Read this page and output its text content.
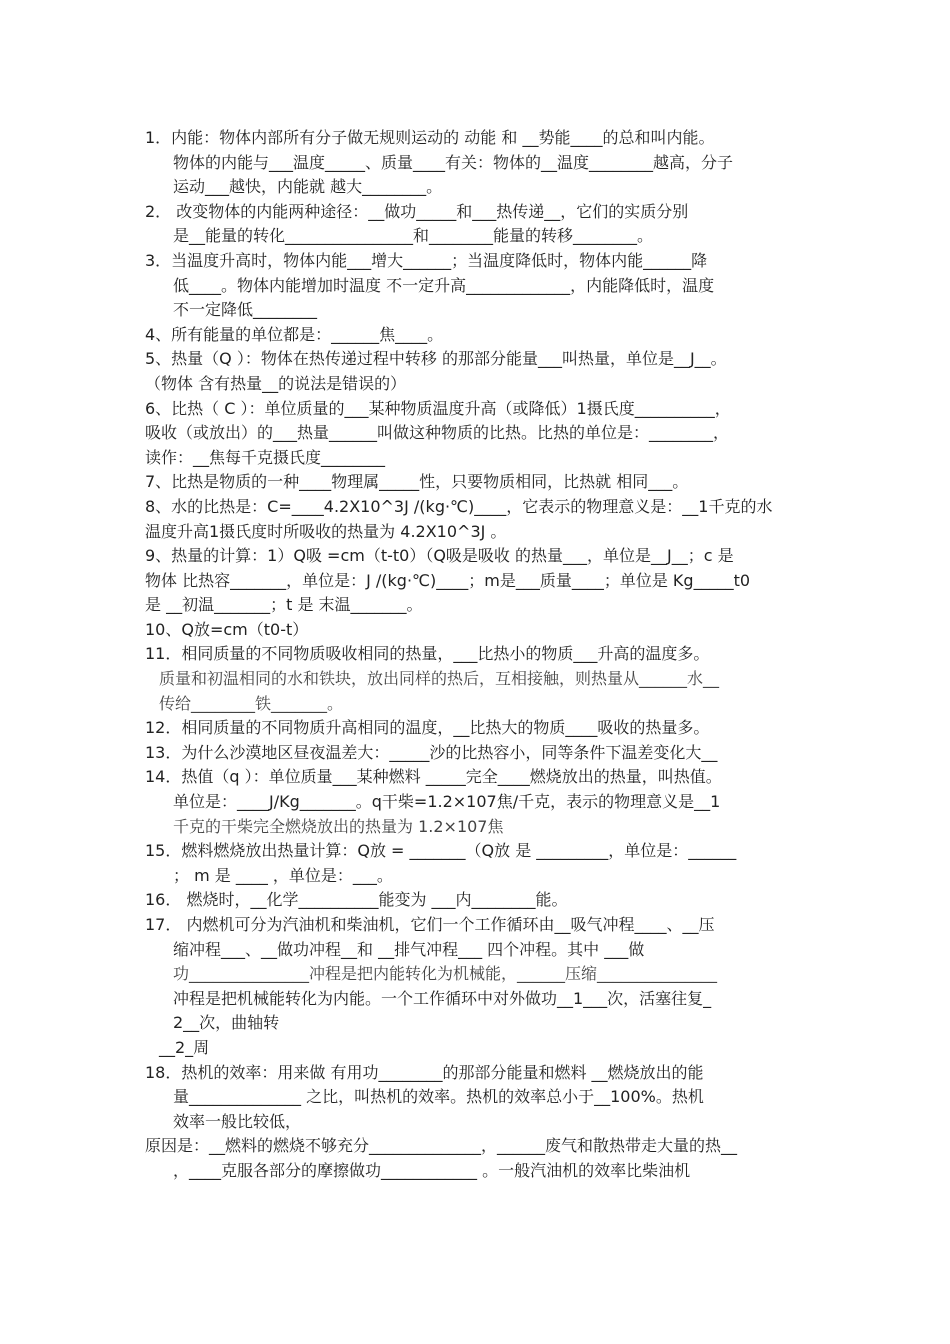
1．内能：物体内部所有分子做无规则运动的 动能 和 __势能____的总和叫内能。
物体的内能与___温度_____、质量____有关：物体的__温度________越高，分子
运动___越快，内能就 越大________。
2． 改变物体的内能两种途径：__做功_____和___热传递__，它们的实质分别
是__能量的转化________________和________能量的转移________。
3．当温度升高时，物体内能___增大______；当温度降低时，物体内能______降
低____。物体内能增加时温度 不一定升高_____________，内能降低时，温度
不一定降低________
4、所有能量的单位都是：______焦____。
5、热量（Q ）：物体在热传递过程中转移 的那部分能量___叫热量，单位是__J__。
（物体 含有热量__的说法是错误的）
6、比热（ C ）：单位质量的___某种物质温度升高（或降低）1摄氏度__________，
吸收（或放出）的___热量______叫做这种物质的比热。比热的单位是：________，
读作：__焦每千克摄氏度________
7、比热是物质的一种____物理属_____性，只要物质相同，比热就 相同___。
8、水的比热是：C=____4.2X10^3J /(kg·℃)____，它表示的物理意义是：__1千克的水
温度升高1摄氏度时所吸收的热量为 4.2X10^3J 。
9、热量的计算：1）Q吸 =cm（t-t0）（Q吸是吸收 的热量___，单位是__J__；c 是
物体 比热容_______，单位是：J /(kg·℃)____；m是___质量____；单位是 Kg_____t0
是 __初温_______；t 是 末温_______。
10、Q放=cm（t0-t）
11．相同质量的不同物质吸收相同的热量，___比热小的物质___升高的温度多。
质量和初温相同的水和铁块，放出同样的热后，互相接触，则热量从______水__
传给________铁_______。
12．相同质量的不同物质升高相同的温度，__比热大的物质____吸收的热量多。
13．为什么沙漠地区昼夜温差大：_____沙的比热容小，同等条件下温差变化大__
14．热值（q ）：单位质量___某种燃料 _____完全____燃烧放出的热量，叫热值。
单位是：____J/Kg_______。q干柴=1.2×107焦/千克，表示的物理意义是__1
千克的干柴完全燃烧放出的热量为 1.2×107焦
15．燃料燃烧放出热量计算：Q放 = _______（Q放 是 _________，单位是：______
； m 是 ____ ，单位是：___。
16． 燃烧时，__化学__________能变为 ___内________能。
17． 内燃机可分为汽油机和柴油机，它们一个工作循环由__吸气冲程____、__压
缩冲程___、__做功冲程__和 __排气冲程___ 四个冲程。其中 ___做
功_______________冲程是把内能转化为机械能，______压缩_______________
冲程是把机械能转化为内能。一个工作循环中对外做功__1___次，活塞往复_
2__次，曲轴转
__2_周
18．热机的效率：用来做 有用功________的那部分能量和燃料 __燃烧放出的能
量______________ 之比，叫热机的效率。热机的效率总小于__100%。热机
效率一般比较低，
原因是：__燃料的燃烧不够充分______________，______废气和散热带走大量的热__
，____克服各部分的摩擦做功____________ 。一般汽油机的效率比柴油机
